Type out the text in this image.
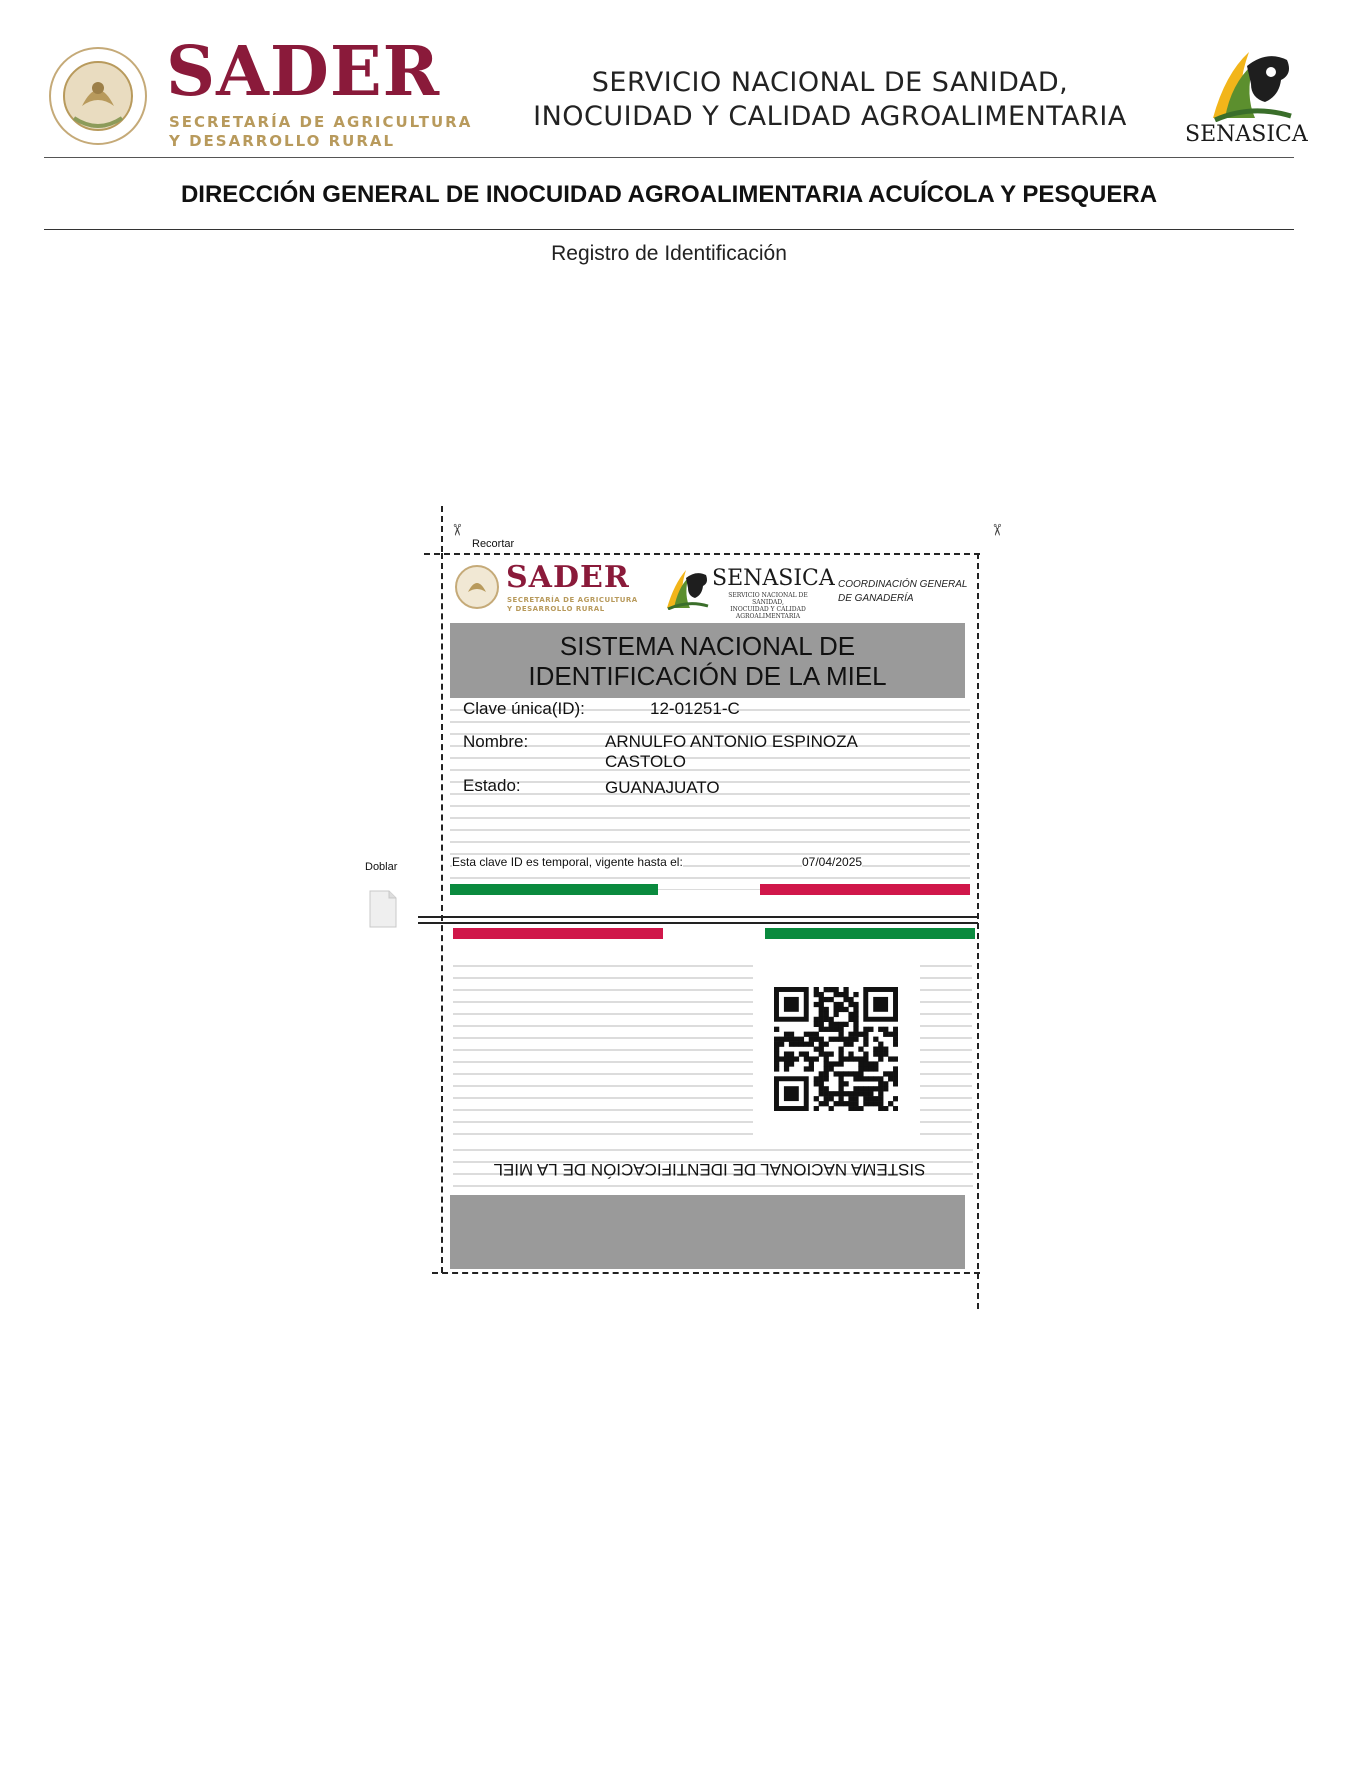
SADER
SECRETARÍA DE AGRICULTURA
Y DESARROLLO RURAL
SERVICIO NACIONAL DE SANIDAD,
INOCUIDAD Y CALIDAD AGROALIMENTARIA
SENASICA
DIRECCIÓN GENERAL DE INOCUIDAD AGROALIMENTARIA ACUÍCOLA Y PESQUERA
Registro de Identificación
✂	✂
Recortar
Doblar
SADER
SECRETARÍA DE AGRICULTURA
Y DESARROLLO RURAL
SENASICA
SERVICIO NACIONAL DE SANIDAD,
INOCUIDAD Y CALIDAD
AGROALIMENTARIA
COORDINACIÓN GENERAL
DE GANADERÍA
SISTEMA NACIONAL DE
IDENTIFICACIÓN DE LA MIEL
Clave única(ID):	12-01251-C
Nombre:	ARNULFO ANTONIO ESPINOZA
CASTOLO
Estado:	GUANAJUATO
Esta clave ID es temporal, vigente hasta el:	07/04/2025
SISTEMA NACIONAL DE IDENTIFICACIÓN DE LA MIEL
